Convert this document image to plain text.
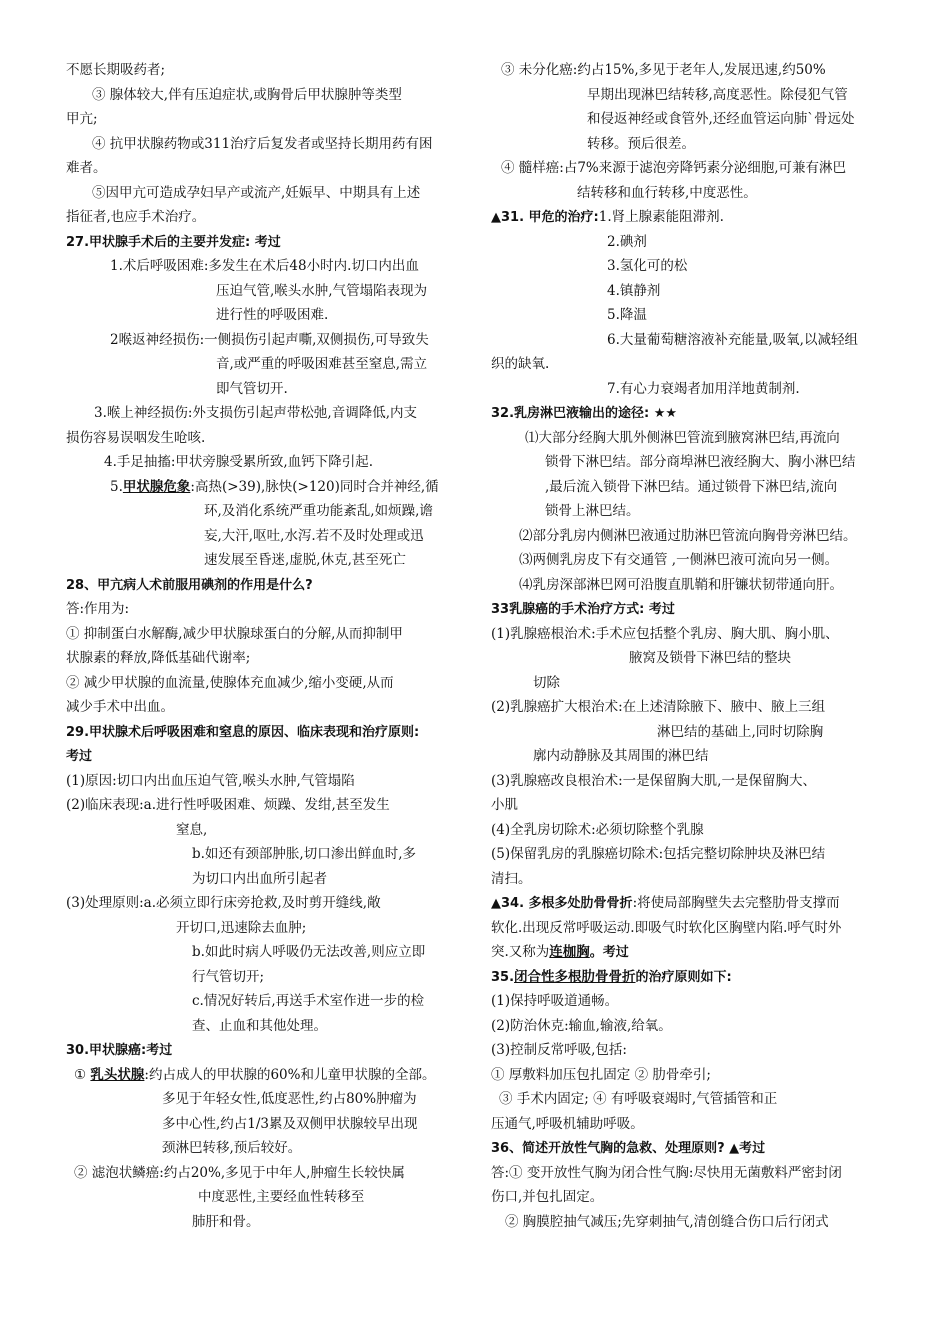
不愿长期吸药者;
③ 腺体较大,伴有压迫症状,或胸骨后甲状腺肿等类型
甲亢;
④ 抗甲状腺药物或311治疗后复发者或坚持长期用药有困
难者。
⑤因甲亢可造成孕妇早产或流产,妊娠早、中期具有上述
指征者,也应手术治疗。
27.甲状腺手术后的主要并发症: 考过
1.术后呼吸困难:多发生在术后48小时内.切口内出血
压迫气管,喉头水肿,气管塌陷表现为
进行性的呼吸困难.
2喉返神经损伤:一侧损伤引起声嘶,双侧损伤,可导致失
音,或严重的呼吸困难甚至窒息,需立
即气管切开.
3.喉上神经损伤:外支损伤引起声带松弛,音调降低,内支
损伤容易误咽发生呛咳.
4.手足抽搐:甲状旁腺受累所致,血钙下降引起.
5.甲状腺危象:高热(>39),脉快(>120)同时合并神经,循
环,及消化系统严重功能紊乱,如烦躁,谵
妄,大汗,呕吐,水泻.若不及时处理或迅
速发展至昏迷,虚脱,休克,甚至死亡
28、甲亢病人术前服用碘剂的作用是什么?
答:作用为:
① 抑制蛋白水解酶,减少甲状腺球蛋白的分解,从而抑制甲
状腺素的释放,降低基础代谢率;
② 减少甲状腺的血流量,使腺体充血减少,缩小变硬,从而
减少手术中出血。
29.甲状腺术后呼吸困难和窒息的原因、临床表现和治疗原则:
考过
(1)原因:切口内出血压迫气管,喉头水肿,气管塌陷
(2)临床表现:a.进行性呼吸困难、烦躁、发绀,甚至发生
窒息,
b.如还有颈部肿胀,切口渗出鲜血时,多
为切口内出血所引起者
(3)处理原则:a.必须立即行床旁抢救,及时剪开缝线,敞
开切口,迅速除去血肿;
b.如此时病人呼吸仍无法改善,则应立即
行气管切开;
c.情况好转后,再送手术室作进一步的检
查、止血和其他处理。
30.甲状腺癌:考过
① 乳头状腺:约占成人的甲状腺的60%和儿童甲状腺的全部。
多见于年轻女性,低度恶性,约占80%肿瘤为
多中心性,约占1/3累及双侧甲状腺较早出现
颈淋巴转移,预后较好。
② 滤泡状鳞癌:约占20%,多见于中年人,肿瘤生长较快属
中度恶性,主要经血性转移至
肺肝和骨。
③ 未分化癌:约占15%,多见于老年人,发展迅速,约50%
早期出现淋巴结转移,高度恶性。除侵犯气管
和侵返神经或食管外,还经血管运向肺`骨远处
转移。预后很差。
④ 髓样癌:占7%来源于滤泡旁降钙素分泌细胞,可兼有淋巴
结转移和血行转移,中度恶性。
▲31. 甲危的治疗:1.肾上腺素能阻滞剂.
2.碘剂
3.氢化可的松
4.镇静剂
5.降温
6.大量葡萄糖溶液补充能量,吸氧,以减轻组
织的缺氧.
7.有心力衰竭者加用洋地黄制剂.
32.乳房淋巴液输出的途径: ★★
⑴大部分经胸大肌外侧淋巴管流到腋窝淋巴结,再流向
锁骨下淋巴结。部分商埠淋巴液经胸大、胸小淋巴结
,最后流入锁骨下淋巴结。通过锁骨下淋巴结,流向
锁骨上淋巴结。
⑵部分乳房内侧淋巴液通过肋淋巴管流向胸骨旁淋巴结。
⑶两侧乳房皮下有交通管 ,一侧淋巴液可流向另一侧。
⑷乳房深部淋巴网可沿腹直肌鞘和肝镰状韧带通向肝。
33乳腺癌的手术治疗方式: 考过
(1)乳腺癌根治术:手术应包括整个乳房、胸大肌、胸小肌、
腋窝及锁骨下淋巴结的整块
切除
(2)乳腺癌扩大根治术:在上述清除腋下、腋中、腋上三组
淋巴结的基础上,同时切除胸
廓内动静脉及其周围的淋巴结
(3)乳腺癌改良根治术:一是保留胸大肌,一是保留胸大、
小肌
(4)全乳房切除术:必须切除整个乳腺
(5)保留乳房的乳腺癌切除术:包括完整切除肿块及淋巴结
清扫。
▲34. 多根多处肋骨骨折:将使局部胸壁失去完整肋骨支撑而
软化.出现反常呼吸运动.即吸气时软化区胸壁内陷.呼气时外
突.又称为连枷胸。考过
35.闭合性多根肋骨骨折的治疗原则如下:
(1)保持呼吸道通畅。
(2)防治休克:输血,输液,给氧。
(3)控制反常呼吸,包括:
① 厚敷料加压包扎固定 ② 肋骨牵引;
③ 手术内固定; ④ 有呼吸衰竭时,气管插管和正
压通气,呼吸机辅助呼吸。
36、简述开放性气胸的急救、处理原则? ▲考过
答:① 变开放性气胸为闭合性气胸:尽快用无菌敷料严密封闭
伤口,并包扎固定。
② 胸膜腔抽气减压;先穿刺抽气,清创缝合伤口后行闭式
